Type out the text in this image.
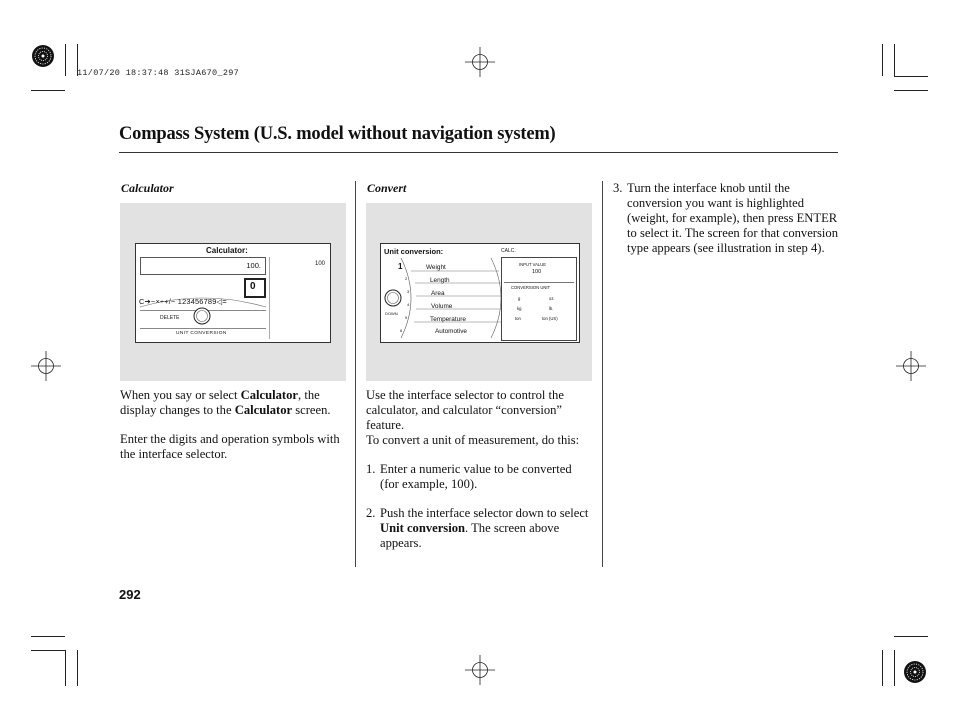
11/07/20 18:37:48 31SJA670_297
Compass System (U.S. model without navigation system)
Calculator
Calculator:
100.	100
0
C➔−×÷+/− 123456789◁=
DELETE
UNIT CONVERSION

When you say or select Calculator, the display changes to the Calculator screen.

Enter the digits and operation symbols with the interface selector.

Convert
Unit conversion:	CALC.
INPUT VALUE
100
CONVERSION UNIT
g	oz.
kg	lb.
ton	ton (US)
DOWN
1
2
3
4
5
6
Weight
Length
Area
Volume
Temperature
Automotive

Use the interface selector to control the calculator, and calculator “conversion” feature.

To convert a unit of measurement, do this:

1. Enter a numeric value to be converted (for example, 100).
2. Push the interface selector down to select Unit conversion. The screen above appears.
3. Turn the interface knob until the conversion you want is highlighted (weight, for example), then press ENTER to select it. The screen for that conversion type appears (see illustration in step 4).
292
